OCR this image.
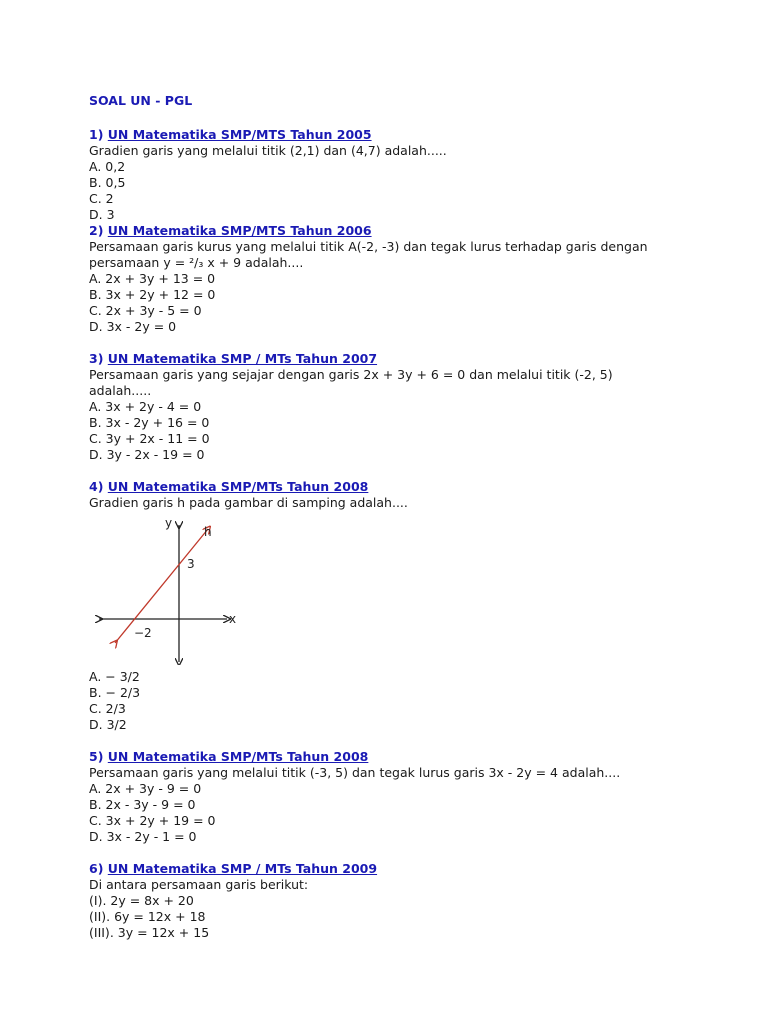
SOAL UN - PGL
1) UN Matematika SMP/MTS Tahun 2005
Gradien garis yang melalui titik (2,1) dan (4,7) adalah.....
A. 0,2
B. 0,5
C. 2
D. 3
2) UN Matematika SMP/MTS Tahun 2006
Persamaan garis kurus yang melalui titik A(-2, -3) dan tegak lurus terhadap garis dengan
persamaan y = ²/₃ x + 9 adalah....
A. 2x + 3y + 13 = 0
B. 3x + 2y + 12 = 0
C. 2x + 3y - 5 = 0
D. 3x - 2y = 0
3) UN Matematika SMP / MTs Tahun 2007
Persamaan garis yang sejajar dengan garis 2x + 3y + 6 = 0 dan melalui titik (-2, 5)
adalah.....
A. 3x + 2y - 4 = 0
B. 3x - 2y + 16 = 0
C. 3y + 2x - 11 = 0
D. 3y - 2x - 19 = 0
4) UN Matematika SMP/MTs Tahun 2008
Gradien garis h pada gambar di samping adalah....
y
x
h
3
−2
A. − 3/2
B. − 2/3
C. 2/3
D. 3/2
5) UN Matematika SMP/MTs Tahun 2008
Persamaan garis yang melalui titik (-3, 5) dan tegak lurus garis 3x - 2y = 4 adalah....
A. 2x + 3y - 9 = 0
B. 2x - 3y - 9 = 0
C. 3x + 2y + 19 = 0
D. 3x - 2y - 1 = 0
6) UN Matematika SMP / MTs Tahun 2009
Di antara persamaan garis berikut:
(I). 2y = 8x + 20
(II). 6y = 12x + 18
(III). 3y = 12x + 15
